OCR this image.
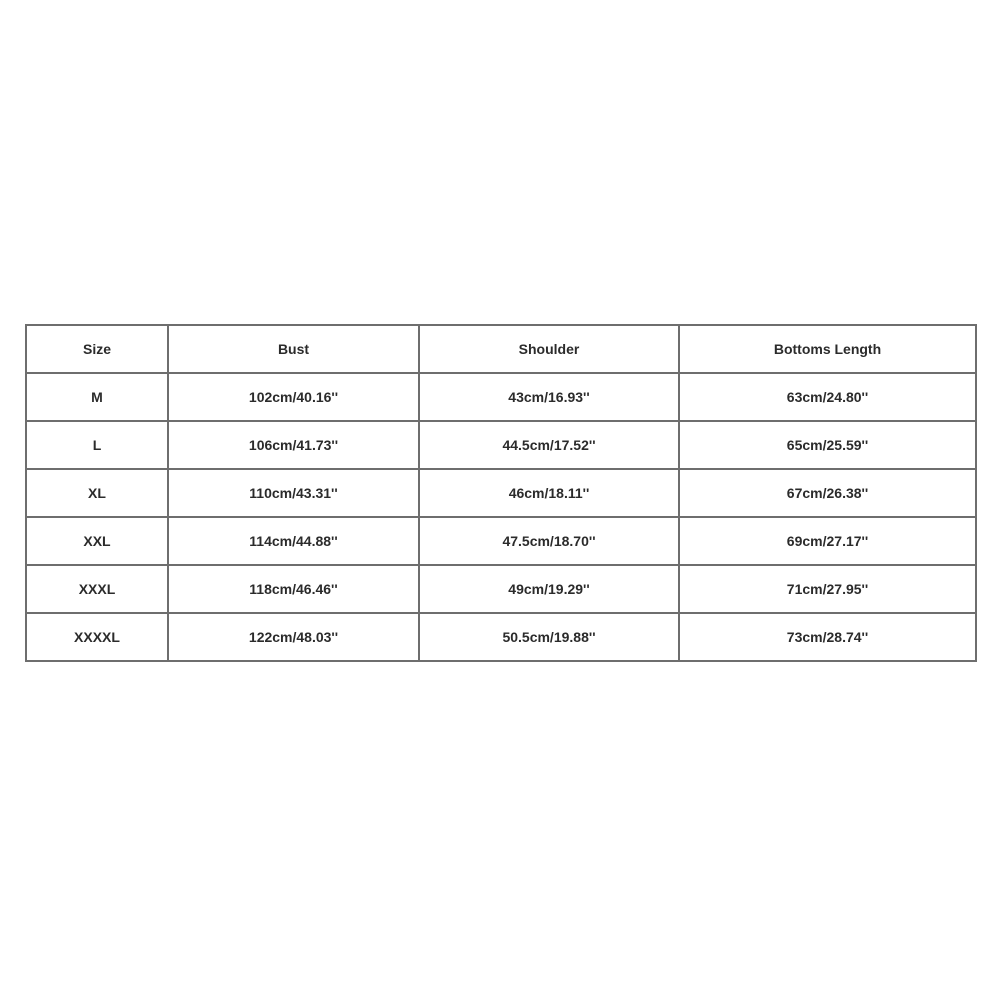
Size	Bust	Shoulder	Bottoms Length
M	102cm/40.16''	43cm/16.93''	63cm/24.80''
L	106cm/41.73''	44.5cm/17.52''	65cm/25.59''
XL	110cm/43.31''	46cm/18.11''	67cm/26.38''
XXL	114cm/44.88''	47.5cm/18.70''	69cm/27.17''
XXXL	118cm/46.46''	49cm/19.29''	71cm/27.95''
XXXXL	122cm/48.03''	50.5cm/19.88''	73cm/28.74''
